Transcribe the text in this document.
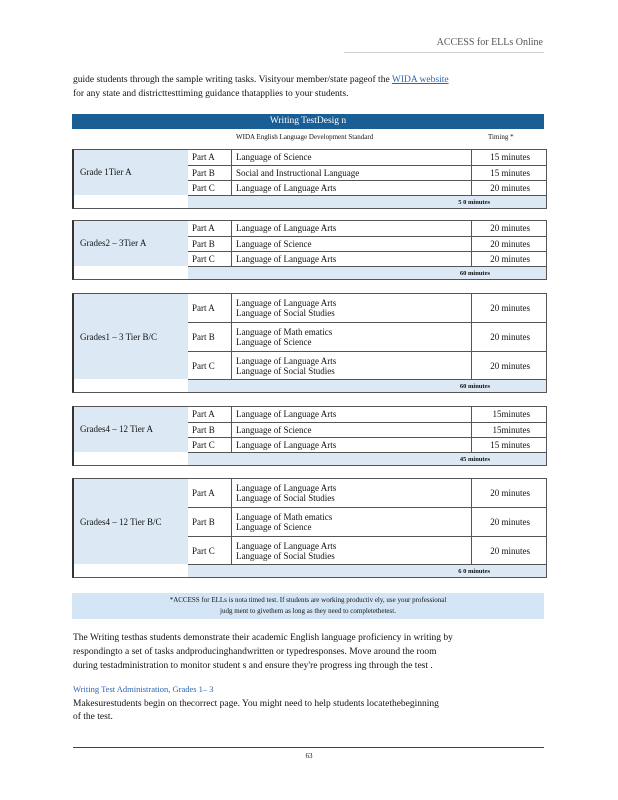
ACCESS for ELLs Online
guide students through the sample writing tasks. Visityour member/state pageof the WIDA website
for any state and districttesttiming guidance thatapplies to your students.
Writing TestDesig n
WIDA English Language Development Standard	Timing *
Grade 1Tier A
Part A	Language of Science	15 minutes
Part B	Social and Instructional Language	15 minutes
Part C	Language of Language Arts	20 minutes
5 0 minutes
Grades2 – 3Tier A
Part A	Language of Language Arts	20 minutes
Part B	Language of Science	20 minutes
Part C	Language of Language Arts	20 minutes
60 minutes
Grades1 – 3 Tier B/C
Part A	Language of Language Arts
Language of Social Studies	20 minutes
Part B	Language of Math ematics
Language of Science	20 minutes
Part C	Language of Language Arts
Language of Social Studies	20 minutes
60 minutes
Grades4 – 12 Tier A
Part A	Language of Language Arts	15minutes
Part B	Language of Science	15minutes
Part C	Language of Language Arts	15 minutes
45 minutes
Grades4 – 12 Tier B/C
Part A	Language of Language Arts
Language of Social Studies	20 minutes
Part B	Language of Math ematics
Language of Science	20 minutes
Part C	Language of Language Arts
Language of Social Studies	20 minutes
6 0 minutes
*ACCESS for ELLs is nota timed test. If students are working productiv ely, use your professional
judg ment to givethem as long as they need to completethetest.
The Writing testhas students demonstrate their academic English language proficiency in writing by
respondingto a set of tasks andproducinghandwritten or typedresponses. Move around the room
during testadministration to monitor student s and ensure they're progress ing through the test .
Writing Test Administration, Grades 1– 3
Makesurestudents begin on thecorrect page. You might need to help students locatethebeginning
of the test.
63
